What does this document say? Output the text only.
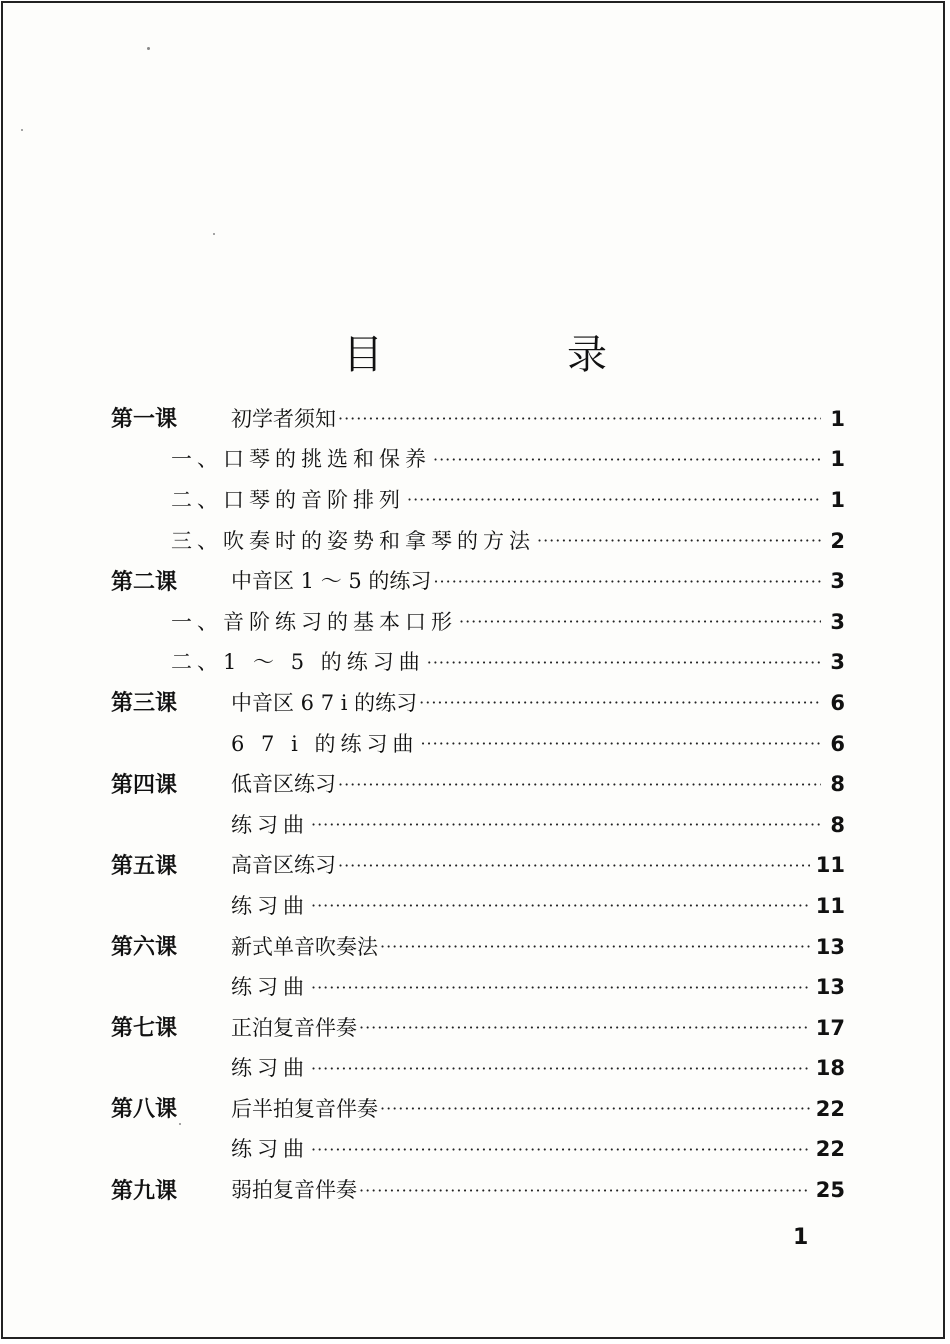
目　录
第一课	初学者须知 ·····	1
一、口琴的挑选和保养 ·····	1
二、口琴的音阶排列 ·····	1
三、吹奏时的姿势和拿琴的方法 ·····	2
第二课	中音区 1 ～ 5 的练习 ·····	3
一、音阶练习的基本口形 ·····	3
二、1 ～ 5 的练习曲 ·····	3
第三课	中音区 6 7 i 的练习 ·····	6
6 7 i 的练习曲 ·····	6
第四课	低音区练习 ·····	8
练习曲 ·····	8
第五课	高音区练习 ·····	11
练习曲 ·····	11
第六课	新式单音吹奏法 ·····	13
练习曲 ·····	13
第七课	正泊复音伴奏 ·····	17
练习曲 ·····	18
第八课	后半拍复音伴奏 ·····	22
练习曲 ·····	22
第九课	弱拍复音伴奏 ·····	25
1
